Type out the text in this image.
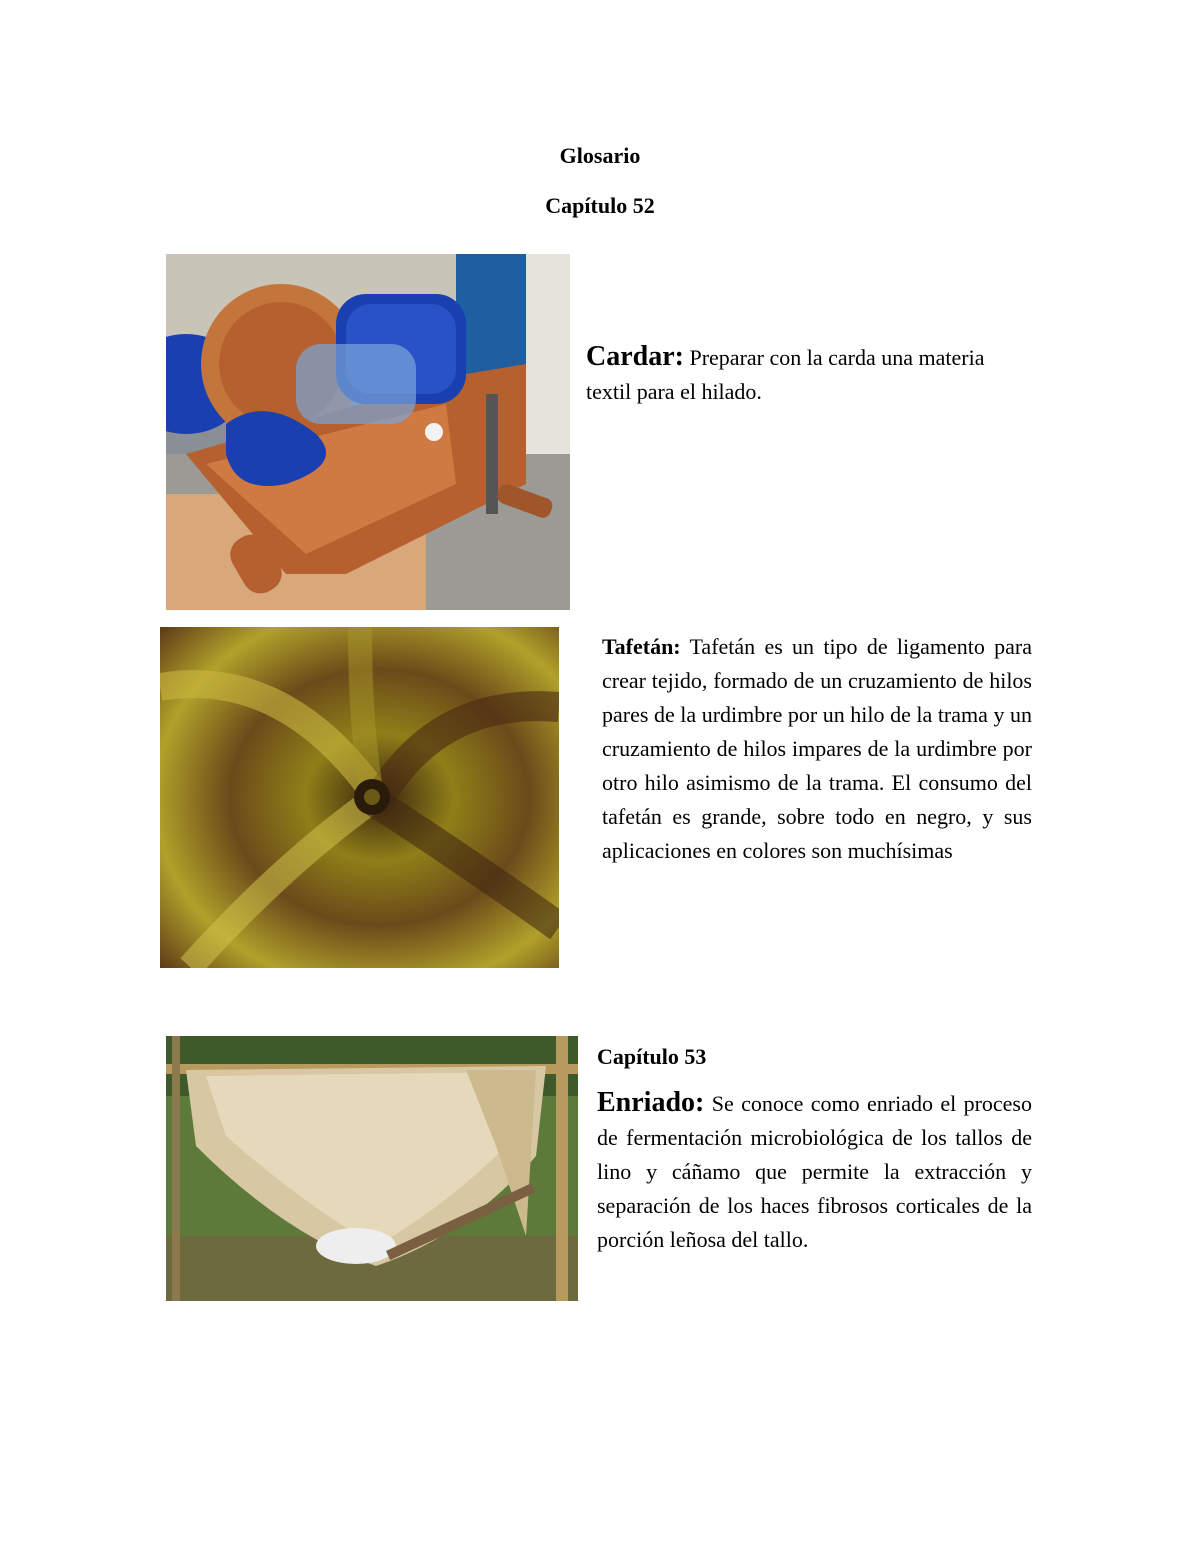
Glosario
Capítulo 52
Cardar: Preparar con la carda una materia textil para el hilado.
Tafetán: Tafetán es un tipo de ligamento para crear tejido, formado de un cruzamiento de hilos pares de la urdimbre por un hilo de la trama y un cruzamiento de hilos impares de la urdimbre por otro hilo asimismo de la trama. El consumo del tafetán es grande, sobre todo en negro, y sus aplicaciones en colores son muchísimas
Capítulo 53
Enriado: Se conoce como enriado el proceso de fermentación microbiológica de los tallos de lino y cáñamo que permite la extracción y separación de los haces fibrosos corticales de la porción leñosa del tallo.
